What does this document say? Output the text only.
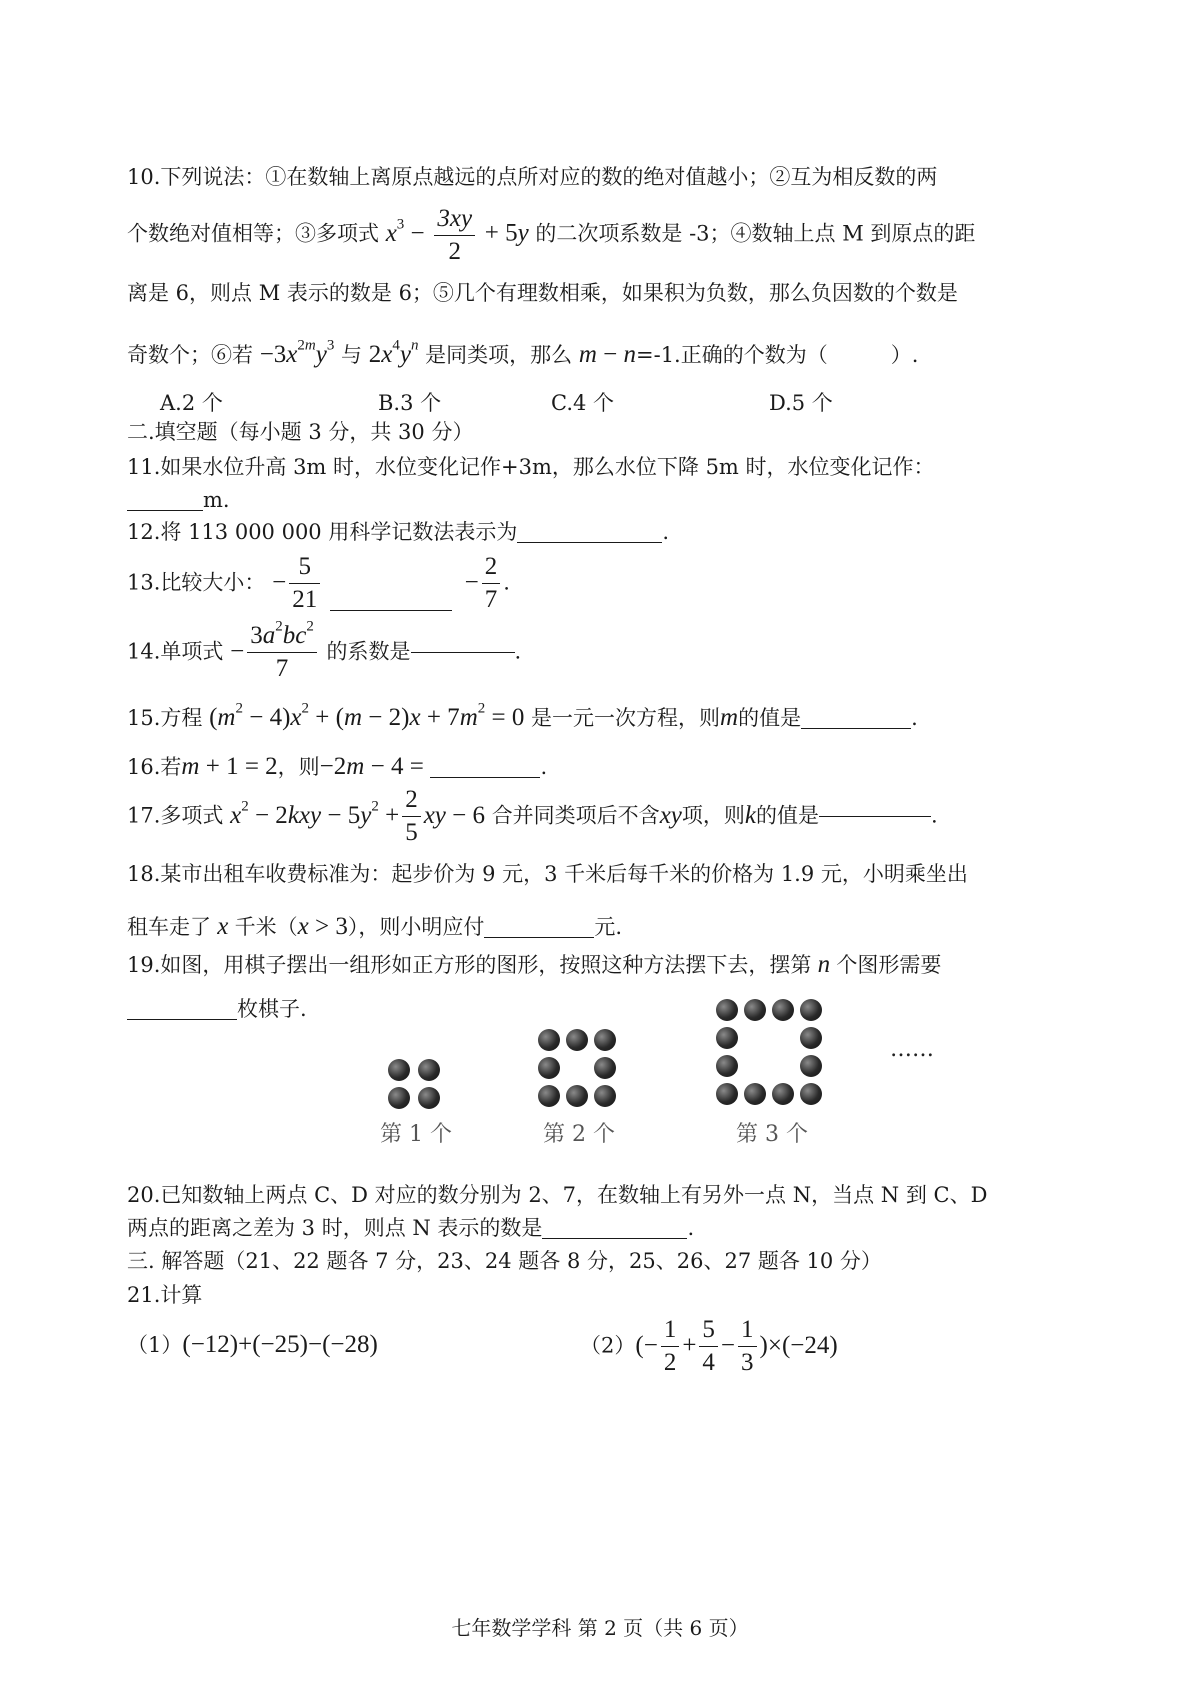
10.下列说法：①在数轴上离原点越远的点所对应的数的绝对值越小；②互为相反数的两
个数绝对值相等；③多项式 $x^3 - \frac{3xy}{2} + 5y$ 的二次项系数是 -3；④数轴上点 M 到原点的距
离是 6，则点 M 表示的数是 6；⑤几个有理数相乘，如果积为负数，那么负因数的个数是
奇数个；⑥若 $-3x^{2m}y^3$ 与 $2x^4y^n$ 是同类项，那么 m − n=-1.正确的个数为（　　　）.
A.2 个	B.3 个	C.4 个	D.5 个
二.填空题（每小题 3 分，共 30 分）
11.如果水位升高 3m 时，水位变化记作+3m，那么水位下降 5m 时，水位变化记作：
m.
12.将 113 000 000 用科学记数法表示为	.
13.比较大小： − $\frac{5}{21}$	− $\frac{2}{7}$ .
14.单项式 − $\frac{3a^2bc^2}{7}$ 的系数是	.
15.方程 $(m^2 - 4)x^2 + (m - 2)x + 7m^2 = 0$ 是一元一次方程，则m的值是	.
16.若m + 1 = 2，则−2m − 4 =	.
17.多项式 $x^2 - 2kxy - 5y^2 + \frac{2}{5}$ xy − 6 合并同类项后不含xy项，则k的值是	.
18.某市出租车收费标准为：起步价为 9 元，3 千米后每千米的价格为 1.9 元，小明乘坐出
租车走了 x 千米（x > 3），则小明应付	元.
19.如图，用棋子摆出一组形如正方形的图形，按照这种方法摆下去，摆第 n 个图形需要
枚棋子.
第 1 个	第 2 个	第 3 个
……
20.已知数轴上两点 C、D 对应的数分别为 2、7，在数轴上有另外一点 N，当点 N 到 C、D
两点的距离之差为 3 时，则点 N 表示的数是	.
三. 解答题（21、22 题各 7 分，23、24 题各 8 分，25、26、27 题各 10 分）
21.计算
（1）(−12)+(−25)−(−28)	$(2)(- \frac{1}{2} + \frac{5}{4} - \frac{1}{3} )\times(-24)$
七年数学学科 第 2 页（共 6 页）
